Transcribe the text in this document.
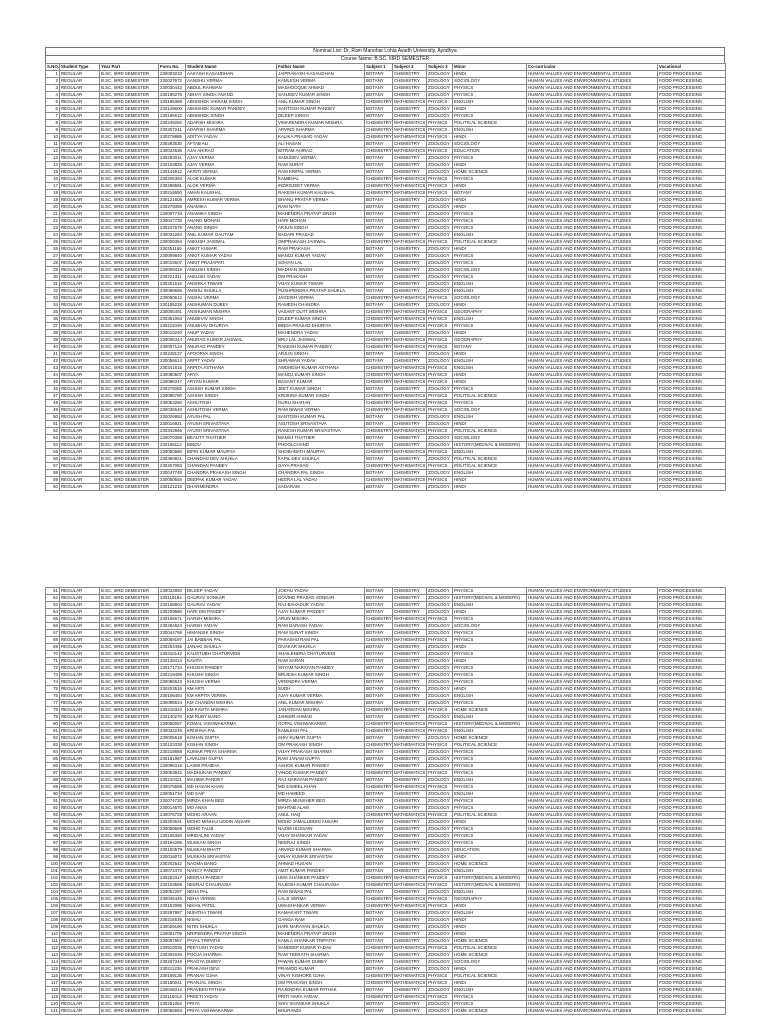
Nominal List: Dr. Ram Manohar Lohia Avadh University, Ayodhya
Course Name: B.SC. IIIRD SEMESTER
S.NO.	Student Type	Year Part	Form No.	Student Name	Father Name	Subject 1	Subject 2	Subject 3	Minor	Co-curricular	Vocational
1	REGULAR	B.SC. IIIRD SEMESTER	230003233	AAKASH KASAUDHAN	JAIPRAKASH KASAUDHAN	BOTANY	CHEMISTRY	ZOOLOGY	HINDI	HUMAN VALUES AND ENVIRONMENTAL STUDIES	FOOD PROCESSING
2	REGULAR	B.SC. IIIRD SEMESTER	230027672	AANSHU VERMA	KAMLESH VERMA	BOTANY	CHEMISTRY	ZOOLOGY	SOCIOLOGY	HUMAN VALUES AND ENVIRONMENTAL STUDIES	FOOD PROCESSING
3	REGULAR	B.SC. IIIRD SEMESTER	230030443	ABDUL RAHMAN	MASHOOQUE AHMAD	BOTANY	CHEMISTRY	ZOOLOGY	PHYSICS	HUMAN VALUES AND ENVIRONMENTAL STUDIES	FOOD PROCESSING
4	REGULAR	B.SC. IIIRD SEMESTER	230185276	ABHAY SINGH ANAND	SANJEEV KUMAR SINGH	BOTANY	CHEMISTRY	ZOOLOGY	PHYSICS	HUMAN VALUES AND ENVIRONMENTAL STUDIES	FOOD PROCESSING
5	REGULAR	B.SC. IIIRD SEMESTER	230186389	ABHISHEK VIKRAM SINGH	ANIL KUMAR SINGH	CHEMISTRY	MATHEMATICS	PHYSICS	ENGLISH	HUMAN VALUES AND ENVIRONMENTAL STUDIES	FOOD PROCESSING
6	REGULAR	B.SC. IIIRD SEMESTER	230149600	ABHISHEK KUMAR PANDEY	SANTOSH KUMAR PANDEY	BOTANY	CHEMISTRY	ZOOLOGY	HINDI	HUMAN VALUES AND ENVIRONMENTAL STUDIES	FOOD PROCESSING
7	REGULAR	B.SC. IIIRD SEMESTER	230196612	ABHISHEK SINGH	DILEEP SINGH	BOTANY	CHEMISTRY	ZOOLOGY	PHYSICS	HUMAN VALUES AND ENVIRONMENTAL STUDIES	FOOD PROCESSING
8	REGULAR	B.SC. IIIRD SEMESTER	230249282	ADARSH MISHRA	VIMARENDRA KUMAR MISHRA	CHEMISTRY	MATHEMATICS	PHYSICS	POLITICAL SCIENCE	HUMAN VALUES AND ENVIRONMENTAL STUDIES	FOOD PROCESSING
9	REGULAR	B.SC. IIIRD SEMESTER	230307241	ADARSH SHARMA	ARVIND SHARMA	CHEMISTRY	MATHEMATICS	PHYSICS	ENGLISH	HUMAN VALUES AND ENVIRONMENTAL STUDIES	FOOD PROCESSING
10	REGULAR	B.SC. IIIRD SEMESTER	230278886	ADITYA YADAV	KALIKA PRASAD YADAV	CHEMISTRY	MATHEMATICS	PHYSICS	HINDI	HUMAN VALUES AND ENVIRONMENTAL STUDIES	FOOD PROCESSING
11	REGULAR	B.SC. IIIRD SEMESTER	230283530	AFTAB ALI	ALI HASAN	BOTANY	CHEMISTRY	ZOOLOGY	SOCIOLOGY	HUMAN VALUES AND ENVIRONMENTAL STUDIES	FOOD PROCESSING
12	REGULAR	B.SC. IIIRD SEMESTER	230034536	AJAI AHIRAO	BITRAM AHIRAO	CHEMISTRY	MATHEMATICS	PHYSICS	EDUCATION	HUMAN VALUES AND ENVIRONMENTAL STUDIES	FOOD PROCESSING
13	REGULAR	B.SC. IIIRD SEMESTER	230283011	AJAY VERMA	SADUDEV VERMA	BOTANY	CHEMISTRY	ZOOLOGY	PHYSICS	HUMAN VALUES AND ENVIRONMENTAL STUDIES	FOOD PROCESSING
14	REGULAR	B.SC. IIIRD SEMESTER	230163825	AJAY VERMA	RAM SURAT	BOTANY	CHEMISTRY	ZOOLOGY	HINDI	HUMAN VALUES AND ENVIRONMENTAL STUDIES	FOOD PROCESSING
15	REGULAR	B.SC. IIIRD SEMESTER	230144912	AKRITI VERMA	RAM KRIPAL VERMA	BOTANY	CHEMISTRY	ZOOLOGY	HOME SCIENCE	HUMAN VALUES AND ENVIRONMENTAL STUDIES	FOOD PROCESSING
16	REGULAR	B.SC. IIIRD SEMESTER	230205393	ALOK KUMAR	KAMBHAL	CHEMISTRY	MATHEMATICS	PHYSICS	PHYSICS	HUMAN VALUES AND ENVIRONMENTAL STUDIES	FOOD PROCESSING
17	REGULAR	B.SC. IIIRD SEMESTER	230288591	ALOK VERMA	INDROJEET VERMA	CHEMISTRY	MATHEMATICS	PHYSICS	HINDI	HUMAN VALUES AND ENVIRONMENTAL STUDIES	FOOD PROCESSING
18	REGULAR	B.SC. IIIRD SEMESTER	230216550	AMAN KAUSHAL	RAKESH KUMAR KAUSHAL	CHEMISTRY	MATHEMATICS	PHYSICS	BOTANY	HUMAN VALUES AND ENVIRONMENTAL STUDIES	FOOD PROCESSING
19	REGULAR	B.SC. IIIRD SEMESTER	230121608	AMRESH KUMAR VERMA	BHANU PRATAP VERMA	BOTANY	CHEMISTRY	ZOOLOGY	HINDI	HUMAN VALUES AND ENVIRONMENTAL STUDIES	FOOD PROCESSING
20	REGULAR	B.SC. IIIRD SEMESTER	230279358	ANAMIKA	RAM NATH	BOTANY	CHEMISTRY	ZOOLOGY	HINDI	HUMAN VALUES AND ENVIRONMENTAL STUDIES	FOOD PROCESSING
21	REGULAR	B.SC. IIIRD SEMESTER	230007733	ANAMIKA SINGH	MAHENDRA PRATAP SINGH	BOTANY	CHEMISTRY	ZOOLOGY	PHYSICS	HUMAN VALUES AND ENVIRONMENTAL STUDIES	FOOD PROCESSING
22	REGULAR	B.SC. IIIRD SEMESTER	230047730	ANAND MOHAN	HARI MOHAN	BOTANY	CHEMISTRY	ZOOLOGY	PHYSICS	HUMAN VALUES AND ENVIRONMENTAL STUDIES	FOOD PROCESSING
23	REGULAR	B.SC. IIIRD SEMESTER	230247879	ANAND SINGH	ARJUN SINGH	BOTANY	CHEMISTRY	ZOOLOGY	PHYSICS	HUMAN VALUES AND ENVIRONMENTAL STUDIES	FOOD PROCESSING
24	REGULAR	B.SC. IIIRD SEMESTER	230034284	ANIL KUMAR GAUTAM	BADARI PRASAD	BOTANY	CHEMISTRY	ZOOLOGY	ENGLISH	HUMAN VALUES AND ENVIRONMENTAL STUDIES	FOOD PROCESSING
25	REGULAR	B.SC. IIIRD SEMESTER	230009384	ANKUSH JAISWAL	OMPRAKASH JAISWAL	CHEMISTRY	MATHEMATICS	PHYSICS	POLITICAL SCIENCE	HUMAN VALUES AND ENVIRONMENTAL STUDIES	FOOD PROCESSING
26	REGULAR	B.SC. IIIRD SEMESTER	230251165	ANKIT KUMAR	RAM PRAKASH	BOTANY	CHEMISTRY	ZOOLOGY	HINDI	HUMAN VALUES AND ENVIRONMENTAL STUDIES	FOOD PROCESSING
27	REGULAR	B.SC. IIIRD SEMESTER	230009840	ANKIT KUMAR YADAV	MANOJ KUMAR YADAV	BOTANY	CHEMISTRY	ZOOLOGY	PHYSICS	HUMAN VALUES AND ENVIRONMENTAL STUDIES	FOOD PROCESSING
28	REGULAR	B.SC. IIIRD SEMESTER	230015507	ANKIT PRAJAPATI	SOHAN LAL	BOTANY	CHEMISTRY	ZOOLOGY	PHYSICS	HUMAN VALUES AND ENVIRONMENTAL STUDIES	FOOD PROCESSING
29	REGULAR	B.SC. IIIRD SEMESTER	230008419	ANKUSH SINGH	MADHAN SINGH	BOTANY	CHEMISTRY	ZOOLOGY	SOCIOLOGY	HUMAN VALUES AND ENVIRONMENTAL STUDIES	FOOD PROCESSING
30	REGULAR	B.SC. IIIRD SEMESTER	230221311	ANKUSH YADAV	OM PRAKASH	BOTANY	CHEMISTRY	ZOOLOGY	PHYSICS	HUMAN VALUES AND ENVIRONMENTAL STUDIES	FOOD PROCESSING
31	REGULAR	B.SC. IIIRD SEMESTER	230251516	ANSHIKA TIWARI	VIJAY KUMAR TIWARI	BOTANY	CHEMISTRY	ZOOLOGY	ENGLISH	HUMAN VALUES AND ENVIRONMENTAL STUDIES	FOOD PROCESSING
32	REGULAR	B.SC. IIIRD SEMESTER	230099666	ANSHU SHUKLA	PUSHPENDRA PRATAP SHUKLA	BOTANY	CHEMISTRY	ZOOLOGY	ENGLISH	HUMAN VALUES AND ENVIRONMENTAL STUDIES	FOOD PROCESSING
33	REGULAR	B.SC. IIIRD SEMESTER	230050612	ANSHU VERMA	JAGDISH VERMA	CHEMISTRY	MATHEMATICS	PHYSICS	SOCIOLOGY	HUMAN VALUES AND ENVIRONMENTAL STUDIES	FOOD PROCESSING
34	REGULAR	B.SC. IIIRD SEMESTER	230185228	ANSHUMAN DUBEY	RAMESH CHANDRA	BOTANY	CHEMISTRY	ZOOLOGY	HINDI	HUMAN VALUES AND ENVIRONMENTAL STUDIES	FOOD PROCESSING
35	REGULAR	B.SC. IIIRD SEMESTER	230005491	ANSHUMAN MISHRA	VASANT DUTT MISHRA	CHEMISTRY	MATHEMATICS	PHYSICS	GEOGRAPHY	HUMAN VALUES AND ENVIRONMENTAL STUDIES	FOOD PROCESSING
36	REGULAR	B.SC. IIIRD SEMESTER	230351063	ANUBHAV SINGH	DILEEP KUMAR SINGH	CHEMISTRY	MATHEMATICS	PHYSICS	ENGLISH	HUMAN VALUES AND ENVIRONMENTAL STUDIES	FOOD PROCESSING
37	REGULAR	B.SC. IIIRD SEMESTER	230211049	ANUBHAV DHURIYA	BINDA PRASAD DHURIYA	CHEMISTRY	MATHEMATICS	PHYSICS	PHYSICS	HUMAN VALUES AND ENVIRONMENTAL STUDIES	FOOD PROCESSING
38	REGULAR	B.SC. IIIRD SEMESTER	230015240	ANUP YADAV	MAHENDRA YADAV	BOTANY	CHEMISTRY	ZOOLOGY	HINDI	HUMAN VALUES AND ENVIRONMENTAL STUDIES	FOOD PROCESSING
39	REGULAR	B.SC. IIIRD SEMESTER	230065344	ANURAG KUMAR JAISWAL	BRIJ LAL JAISWAL	CHEMISTRY	MATHEMATICS	PHYSICS	GEOGRAPHY	HUMAN VALUES AND ENVIRONMENTAL STUDIES	FOOD PROCESSING
40	REGULAR	B.SC. IIIRD SEMESTER	230007124	ANURAG PANDEY	RAKESH KUMAR PANDEY	CHEMISTRY	MATHEMATICS	PHYSICS	BOTANY	HUMAN VALUES AND ENVIRONMENTAL STUDIES	FOOD PROCESSING
41	REGULAR	B.SC. IIIRD SEMESTER	230248137	APOORVA SINGH	ARJUN SINGH	BOTANY	CHEMISTRY	ZOOLOGY	HINDI	HUMAN VALUES AND ENVIRONMENTAL STUDIES	FOOD PROCESSING
42	REGULAR	B.SC. IIIRD SEMESTER	230056614	ARPIT YADAV	SHRAWAN YADAV	BOTANY	CHEMISTRY	ZOOLOGY	ENGLISH	HUMAN VALUES AND ENVIRONMENTAL STUDIES	FOOD PROCESSING
43	REGULAR	B.SC. IIIRD SEMESTER	230341615	ARPITA ASTHANA	AWDHESH KUMAR ASTHANA	CHEMISTRY	MATHEMATICS	PHYSICS	ENGLISH	HUMAN VALUES AND ENVIRONMENTAL STUDIES	FOOD PROCESSING
44	REGULAR	B.SC. IIIRD SEMESTER	230080507	ARYA	MANOJ KUMAR SINGH	CHEMISTRY	MATHEMATICS	PHYSICS	HINDI	HUMAN VALUES AND ENVIRONMENTAL STUDIES	FOOD PROCESSING
45	REGULAR	B.SC. IIIRD SEMESTER	230086347	ARYAN KUMAR	BASANT KUMAR	CHEMISTRY	MATHEMATICS	PHYSICS	HINDI	HUMAN VALUES AND ENVIRONMENTAL STUDIES	FOOD PROCESSING
46	REGULAR	B.SC. IIIRD SEMESTER	230275082	ASHISH KUMAR SINGH	JEET KUMAR SINGH	BOTANY	CHEMISTRY	ZOOLOGY	PHYSICS	HUMAN VALUES AND ENVIRONMENTAL STUDIES	FOOD PROCESSING
47	REGULAR	B.SC. IIIRD SEMESTER	230095780	ASHISH SINGH	KRISHNA KUMAR SINGH	CHEMISTRY	MATHEMATICS	PHYSICS	POLITICAL SCIENCE	HUMAN VALUES AND ENVIRONMENTAL STUDIES	FOOD PROCESSING
48	REGULAR	B.SC. IIIRD SEMESTER	230053280	ASHUTOSH	GURU SHARAN	CHEMISTRY	MATHEMATICS	PHYSICS	PHYSICS	HUMAN VALUES AND ENVIRONMENTAL STUDIES	FOOD PROCESSING
49	REGULAR	B.SC. IIIRD SEMESTER	230036540	ASHUTOSH VERMA	RAM NIWAS VERMA	CHEMISTRY	MATHEMATICS	PHYSICS	SOCIOLOGY	HUMAN VALUES AND ENVIRONMENTAL STUDIES	FOOD PROCESSING
50	REGULAR	B.SC. IIIRD SEMESTER	230026893	AYUSH PAL	SANTOSH KUMAR PAL	BOTANY	CHEMISTRY	ZOOLOGY	ENGLISH	HUMAN VALUES AND ENVIRONMENTAL STUDIES	FOOD PROCESSING
51	REGULAR	B.SC. IIIRD SEMESTER	230016921	AYUSH SRIVASTAVA	ASUTOSH SRIVASTAVA	BOTANY	CHEMISTRY	ZOOLOGY	HINDI	HUMAN VALUES AND ENVIRONMENTAL STUDIES	FOOD PROCESSING
52	REGULAR	B.SC. IIIRD SEMESTER	230342846	AYUSH SRIVASTAVA	RAKESH KUMAR SRIVASTAVA	CHEMISTRY	MATHEMATICS	PHYSICS	POLITICAL SCIENCE	HUMAN VALUES AND ENVIRONMENTAL STUDIES	FOOD PROCESSING
53	REGULAR	B.SC. IIIRD SEMESTER	230070388	BEAUTY THATHER	MANOJ THATHER	BOTANY	CHEMISTRY	ZOOLOGY	SOCIOLOGY	HUMAN VALUES AND ENVIRONMENTAL STUDIES	FOOD PROCESSING
54	REGULAR	B.SC. IIIRD SEMESTER	230166113	BINDU	PHOOLCHAND	BOTANY	CHEMISTRY	ZOOLOGY	HISTORY(MEDIVAL & MODERN)	HUMAN VALUES AND ENVIRONMENTAL STUDIES	FOOD PROCESSING
55	REGULAR	B.SC. IIIRD SEMESTER	230050680	BIPIN KUMAR MAURYA	SHOBHNATH MAURYA	CHEMISTRY	MATHEMATICS	PHYSICS	ENGLISH	HUMAN VALUES AND ENVIRONMENTAL STUDIES	FOOD PROCESSING
56	REGULAR	B.SC. IIIRD SEMESTER	230350821	CHANDAN DEV SHUKLA	KAPIL DEV SHUKLA	BOTANY	CHEMISTRY	ZOOLOGY	POLITICAL SCIENCE	HUMAN VALUES AND ENVIRONMENTAL STUDIES	FOOD PROCESSING
57	REGULAR	B.SC. IIIRD SEMESTER	230267063	CHANDAN PANDEY	GAYA PRASAD	CHEMISTRY	MATHEMATICS	PHYSICS	POLITICAL SCIENCE	HUMAN VALUES AND ENVIRONMENTAL STUDIES	FOOD PROCESSING
58	REGULAR	B.SC. IIIRD SEMESTER	230047748	CHANDRA PRAKASH SINGH	CHANDRA PAL SINGH	BOTANY	CHEMISTRY	ZOOLOGY	ENGLISH	HUMAN VALUES AND ENVIRONMENTAL STUDIES	FOOD PROCESSING
59	REGULAR	B.SC. IIIRD SEMESTER	230050555	DEEPAK KUMAR YADAV	HEERA LAL YADAV	CHEMISTRY	MATHEMATICS	PHYSICS	HINDI	HUMAN VALUES AND ENVIRONMENTAL STUDIES	FOOD PROCESSING
60	REGULAR	B.SC. IIIRD SEMESTER	230121215	DHARMENDRA	SADARAM	BOTANY	CHEMISTRY	ZOOLOGY	HINDI	HUMAN VALUES AND ENVIRONMENTAL STUDIES	FOOD PROCESSING
61	REGULAR	B.SC. IIIRD SEMESTER	230032850	DILEEP YADAV	JOKHU YADAV	BOTANY	CHEMISTRY	ZOOLOGY	PHYSICS	HUMAN VALUES AND ENVIRONMENTAL STUDIES	FOOD PROCESSING
62	REGULAR	B.SC. IIIRD SEMESTER	230119184	GAURAV SONKAR	GOVIND PRASAD SONKAR	BOTANY	CHEMISTRY	ZOOLOGY	HISTORY(MEDIVAL & MODERN)	HUMAN VALUES AND ENVIRONMENTAL STUDIES	FOOD PROCESSING
63	REGULAR	B.SC. IIIRD SEMESTER	230158804	GAURAV YADAV	RAJ BAHADUR YADAV	BOTANY	CHEMISTRY	ZOOLOGY	ENGLISH	HUMAN VALUES AND ENVIRONMENTAL STUDIES	FOOD PROCESSING
64	REGULAR	B.SC. IIIRD SEMESTER	230209680	HARI OM PANDEY	AJAY KUMAR PANDEY	BOTANY	CHEMISTRY	ZOOLOGY	HINDI	HUMAN VALUES AND ENVIRONMENTAL STUDIES	FOOD PROCESSING
65	REGULAR	B.SC. IIIRD SEMESTER	230166671	HARSH MISHRA	ARUN MISHRA	CHEMISTRY	MATHEMATICS	PHYSICS	PHYSICS	HUMAN VALUES AND ENVIRONMENTAL STUDIES	FOOD PROCESSING
66	REGULAR	B.SC. IIIRD SEMESTER	230284624	HARSH YADAV	RAM DARASH YADAV	BOTANY	CHEMISTRY	ZOOLOGY	SOCIOLOGY	HUMAN VALUES AND ENVIRONMENTAL STUDIES	FOOD PROCESSING
67	REGULAR	B.SC. IIIRD SEMESTER	230044756	HIMANSHI SINGH	RAM SURAT SINGH	BOTANY	CHEMISTRY	ZOOLOGY	PHYSICS	HUMAN VALUES AND ENVIRONMENTAL STUDIES	FOOD PROCESSING
68	REGULAR	B.SC. IIIRD SEMESTER	230059197	JAI BABBAN PAL	PARASHU RAM PAL	CHEMISTRY	MATHEMATICS	PHYSICS	PHYSICS	HUMAN VALUES AND ENVIRONMENTAL STUDIES	FOOD PROCESSING
69	REGULAR	B.SC. IIIRD SEMESTER	230254455	JANAKI SHUKLA	DIVAKAR SHUKLA	BOTANY	CHEMISTRY	ZOOLOGY	HINDI	HUMAN VALUES AND ENVIRONMENTAL STUDIES	FOOD PROCESSING
70	REGULAR	B.SC. IIIRD SEMESTER	230316142	KAUSTUBH CHATURVEDI	SHAILENDRA CHATURVEDI	BOTANY	CHEMISTRY	ZOOLOGY	PHYSICS	HUMAN VALUES AND ENVIRONMENTAL STUDIES	FOOD PROCESSING
71	REGULAR	B.SC. IIIRD SEMESTER	230138414	KAVITA	RAM SARAN	BOTANY	CHEMISTRY	ZOOLOGY	HINDI	HUMAN VALUES AND ENVIRONMENTAL STUDIES	FOOD PROCESSING
72	REGULAR	B.SC. IIIRD SEMESTER	230171734	KHUSHI PANDEY	SHYAM NARAYAN PANDEY	BOTANY	CHEMISTRY	ZOOLOGY	PHYSICS	HUMAN VALUES AND ENVIRONMENTAL STUDIES	FOOD PROCESSING
73	REGULAR	B.SC. IIIRD SEMESTER	230219459	KHUSHI SINGH	BRIJESH KUMAR SINGH	BOTANY	CHEMISTRY	ZOOLOGY	PHYSICS	HUMAN VALUES AND ENVIRONMENTAL STUDIES	FOOD PROCESSING
74	REGULAR	B.SC. IIIRD SEMESTER	230086523	KHUSHI VERMA	VIRENDRA VERMA	BOTANY	CHEMISTRY	ZOOLOGY	PHYSICS	HUMAN VALUES AND ENVIRONMENTAL STUDIES	FOOD PROCESSING
75	REGULAR	B.SC. IIIRD SEMESTER	230203516	KM ARTI	SUDH	BOTANY	CHEMISTRY	ZOOLOGY	HINDI	HUMAN VALUES AND ENVIRONMENTAL STUDIES	FOOD PROCESSING
76	REGULAR	B.SC. IIIRD SEMESTER	230106484	KM ARPITA VERMA	AJAY KUMAR VERMA	BOTANY	CHEMISTRY	ZOOLOGY	ENGLISH	HUMAN VALUES AND ENVIRONMENTAL STUDIES	FOOD PROCESSING
77	REGULAR	B.SC. IIIRD SEMESTER	230096624	KM CHANDNI MISHRA	ANIL KUMAR MISHRA	BOTANY	CHEMISTRY	ZOOLOGY	PHYSICS	HUMAN VALUES AND ENVIRONMENTAL STUDIES	FOOD PROCESSING
78	REGULAR	B.SC. IIIRD SEMESTER	230216322	KM KAVITA MISHRA	JANARDAN MISHRA	CHEMISTRY	MATHEMATICS	PHYSICS	HOME SCIENCE	HUMAN VALUES AND ENVIRONMENTAL STUDIES	FOOD PROCESSING
79	REGULAR	B.SC. IIIRD SEMESTER	230140270	KM RUBY BANO	JAHEER AHMAD	BOTANY	CHEMISTRY	ZOOLOGY	ENGLISH	HUMAN VALUES AND ENVIRONMENTAL STUDIES	FOOD PROCESSING
80	REGULAR	B.SC. IIIRD SEMESTER	230050057	KOMAL VISHWAKARMA	GOPAL VISHWAKARMA	CHEMISTRY	MATHEMATICS	PHYSICS	HISTORY(MEDIVAL & MODERN)	HUMAN VALUES AND ENVIRONMENTAL STUDIES	FOOD PROCESSING
81	REGULAR	B.SC. IIIRD SEMESTER	230032249	KRISHNA PAL	KAMLESH PAL	CHEMISTRY	MATHEMATICS	PHYSICS	ENGLISH	HUMAN VALUES AND ENVIRONMENTAL STUDIES	FOOD PROCESSING
82	REGULAR	B.SC. IIIRD SEMESTER	230005618	KISHAN GUPTA	SHIV KUMAR GUPTA	BOTANY	CHEMISTRY	ZOOLOGY	HOME SCIENCE	HUMAN VALUES AND ENVIRONMENTAL STUDIES	FOOD PROCESSING
83	REGULAR	B.SC. IIIRD SEMESTER	230103338	KISHAN SINGH	OM PRAKASH SINGH	CHEMISTRY	MATHEMATICS	PHYSICS	POLITICAL SCIENCE	HUMAN VALUES AND ENVIRONMENTAL STUDIES	FOOD PROCESSING
84	REGULAR	B.SC. IIIRD SEMESTER	230216688	KUMAR PRIYA SHARMA	VIJAY PRAKASH SHARMA	BOTANY	CHEMISTRY	ZOOLOGY	PHYSICS	HUMAN VALUES AND ENVIRONMENTAL STUDIES	FOOD PROCESSING
85	REGULAR	B.SC. IIIRD SEMESTER	230181987	LAVKUSH GUPTA	RAM JANAM GUPTA	BOTANY	CHEMISTRY	ZOOLOGY	PHYSICS	HUMAN VALUES AND ENVIRONMENTAL STUDIES	FOOD PROCESSING
86	REGULAR	B.SC. IIIRD SEMESTER	230095315	LAXMI PRABHA	ASHOK KUMAR PANDEY	BOTANY	CHEMISTRY	ZOOLOGY	PHYSICS	HUMAN VALUES AND ENVIRONMENTAL STUDIES	FOOD PROCESSING
87	REGULAR	B.SC. IIIRD SEMESTER	230053922	MADHUKAR PANDEY	VINOD KUMAR PANDEY	CHEMISTRY	MATHEMATICS	PHYSICS	PHYSICS	HUMAN VALUES AND ENVIRONMENTAL STUDIES	FOOD PROCESSING
88	REGULAR	B.SC. IIIRD SEMESTER	230210421	MAHIMA PANDEY	RAJ NARAYAN PANDEY	BOTANY	CHEMISTRY	ZOOLOGY	ENGLISH	HUMAN VALUES AND ENVIRONMENTAL STUDIES	FOOD PROCESSING
89	REGULAR	B.SC. IIIRD SEMESTER	230075558	MD HASAN KHAN	MD JAMEEL KHAN	CHEMISTRY	MATHEMATICS	PHYSICS	PHYSICS	HUMAN VALUES AND ENVIRONMENTAL STUDIES	FOOD PROCESSING
90	REGULAR	B.SC. IIIRD SEMESTER	230051734	MD SAIF	MD HAMEED	BOTANY	CHEMISTRY	ZOOLOGY	ENGLISH	HUMAN VALUES AND ENVIRONMENTAL STUDIES	FOOD PROCESSING
91	REGULAR	B.SC. IIIRD SEMESTER	230074720	MIRZA KHAN BEG	MIRZA MUNSHER BEG	BOTANY	CHEMISTRY	ZOOLOGY	PHYSICS	HUMAN VALUES AND ENVIRONMENTAL STUDIES	FOOD PROCESSING
92	REGULAR	B.SC. IIIRD SEMESTER	230014670	MO ANAS	MAHTAB ALAM	BOTANY	CHEMISTRY	ZOOLOGY	PHYSICS	HUMAN VALUES AND ENVIRONMENTAL STUDIES	FOOD PROCESSING
93	REGULAR	B.SC. IIIRD SEMESTER	230076728	MOHD ARAAN	ANUL HAQ	CHEMISTRY	MATHEMATICS	PHYSICS	POLITICAL SCIENCE	HUMAN VALUES AND ENVIRONMENTAL STUDIES	FOOD PROCESSING
94	REGULAR	B.SC. IIIRD SEMESTER	230203631	MOHD MINHAJ UDDIN ANSARI	MOHD JAMALUDDIN ANSARI	BOTANY	CHEMISTRY	ZOOLOGY	HINDI	HUMAN VALUES AND ENVIRONMENTAL STUDIES	FOOD PROCESSING
95	REGULAR	B.SC. IIIRD SEMESTER	230059669	MOHD TALIB	NAZIM HUSSAIN	BOTANY	CHEMISTRY	ZOOLOGY	PHYSICS	HUMAN VALUES AND ENVIRONMENTAL STUDIES	FOOD PROCESSING
96	REGULAR	B.SC. IIIRD SEMESTER	230165450	MRIDALINI YADAV	VIJAY SHANKAR YADAV	BOTANY	CHEMISTRY	ZOOLOGY	PHYSICS	HUMAN VALUES AND ENVIRONMENTAL STUDIES	FOOD PROCESSING
97	REGULAR	B.SC. IIIRD SEMESTER	230164286	MUSKAN SINGH	NEERAJ SINGH	BOTANY	CHEMISTRY	ZOOLOGY	PHYSICS	HUMAN VALUES AND ENVIRONMENTAL STUDIES	FOOD PROCESSING
98	REGULAR	B.SC. IIIRD SEMESTER	230150579	MUSKAN BHATT	ARVIND KUMAR SHARMA	BOTANY	CHEMISTRY	ZOOLOGY	EDUCATION	HUMAN VALUES AND ENVIRONMENTAL STUDIES	FOOD PROCESSING
99	REGULAR	B.SC. IIIRD SEMESTER	230016072	MUSKAN SRIVASTAV	VINAY KUMAR SRIVASTAV	BOTANY	CHEMISTRY	ZOOLOGY	HINDI	HUMAN VALUES AND ENVIRONMENTAL STUDIES	FOOD PROCESSING
100	REGULAR	B.SC. IIIRD SEMESTER	230202542	NAGMA BANO	AHMAD HUSAIN	BOTANY	CHEMISTRY	ZOOLOGY	HOME SCIENCE	HUMAN VALUES AND ENVIRONMENTAL STUDIES	FOOD PROCESSING
101	REGULAR	B.SC. IIIRD SEMESTER	230072470	NANCY PANDEY	AMIT KUMAR PANDEY	BOTANY	CHEMISTRY	ZOOLOGY	ENGLISH	HUMAN VALUES AND ENVIRONMENTAL STUDIES	FOOD PROCESSING
102	REGULAR	B.SC. IIIRD SEMESTER	230263317	NEERAJ PANDEY	UMA SHANKER PANDEY	CHEMISTRY	MATHEMATICS	PHYSICS	HISTORY(MEDIVAL & MODERN)	HUMAN VALUES AND ENVIRONMENTAL STUDIES	FOOD PROCESSING
103	REGULAR	B.SC. IIIRD SEMESTER	230163558	NEERAJ CHAURASIA	RAJESH KUMAR CHAURASIA	CHEMISTRY	MATHEMATICS	PHYSICS	HISTORY(MEDIVAL & MODERN)	HUMAN VALUES AND ENVIRONMENTAL STUDIES	FOOD PROCESSING
104	REGULAR	B.SC. IIIRD SEMESTER	230052297	NEHA PAL	RAM NIWAS PAL	BOTANY	CHEMISTRY	ZOOLOGY	ENGLISH	HUMAN VALUES AND ENVIRONMENTAL STUDIES	FOOD PROCESSING
105	REGULAR	B.SC. IIIRD SEMESTER	230046446	NEHA VERMA	LALJI VERMA	CHEMISTRY	MATHEMATICS	PHYSICS	GEOGRAPHY	HUMAN VALUES AND ENVIRONMENTAL STUDIES	FOOD PROCESSING
106	REGULAR	B.SC. IIIRD SEMESTER	230152085	NIKHIL PATEL	UMASHANKAR VERMA	CHEMISTRY	MATHEMATICS	PHYSICS	HINDI	HUMAN VALUES AND ENVIRONMENTAL STUDIES	FOOD PROCESSING
107	REGULAR	B.SC. IIIRD SEMESTER	230287987	NISHTHA TIWARI	KAMAKANT TIWARI	BOTANY	CHEMISTRY	ZOOLOGY	ENGLISH	HUMAN VALUES AND ENVIRONMENTAL STUDIES	FOOD PROCESSING
108	REGULAR	B.SC. IIIRD SEMESTER	230216539	NISHU	GANGA RAM	BOTANY	CHEMISTRY	ZOOLOGY	HINDI	HUMAN VALUES AND ENVIRONMENTAL STUDIES	FOOD PROCESSING
109	REGULAR	B.SC. IIIRD SEMESTER	230029190	NITIN SHUKLA	HARI NARAYAN SHUKLA	BOTANY	CHEMISTRY	ZOOLOGY	HINDI	HUMAN VALUES AND ENVIRONMENTAL STUDIES	FOOD PROCESSING
110	REGULAR	B.SC. IIIRD SEMESTER	230001709	NRIPENDRA PRATAP SINGH	MAHENDRA PRATAP SINGH	BOTANY	CHEMISTRY	ZOOLOGY	HINDI	HUMAN VALUES AND ENVIRONMENTAL STUDIES	FOOD PROCESSING
111	REGULAR	B.SC. IIIRD SEMESTER	230097557	PAYAL TRIPATHI	KAMLA SHANKAR TRIPATHI	BOTANY	CHEMISTRY	ZOOLOGY	HOME SCIENCE	HUMAN VALUES AND ENVIRONMENTAL STUDIES	FOOD PROCESSING
112	REGULAR	B.SC. IIIRD SEMESTER	230510035	PEEYUSH YADAV	SANDEEP KUMAR YADAV	CHEMISTRY	MATHEMATICS	PHYSICS	POLITICAL SCIENCE	HUMAN VALUES AND ENVIRONMENTAL STUDIES	FOOD PROCESSING
113	REGULAR	B.SC. IIIRD SEMESTER	230302026	POOJA SHARMA	RAM TEERATH SHARMA	BOTANY	CHEMISTRY	ZOOLOGY	HOME SCIENCE	HUMAN VALUES AND ENVIRONMENTAL STUDIES	FOOD PROCESSING
114	REGULAR	B.SC. IIIRD SEMESTER	230267349	PRAGYA DUBEY	PAWAN KUMAR DUBEY	BOTANY	CHEMISTRY	ZOOLOGY	SOCIOLOGY	HUMAN VALUES AND ENVIRONMENTAL STUDIES	FOOD PROCESSING
115	REGULAR	B.SC. IIIRD SEMESTER	230211236	PRAKASH DEVI	PRAMOD KUMAR	BOTANY	CHEMISTRY	ZOOLOGY	HINDI	HUMAN VALUES AND ENVIRONMENTAL STUDIES	FOOD PROCESSING
116	REGULAR	B.SC. IIIRD SEMESTER	230109135	PRANAV OJHA	VINAY KISHORE OJHA	CHEMISTRY	MATHEMATICS	PHYSICS	POLITICAL SCIENCE	HUMAN VALUES AND ENVIRONMENTAL STUDIES	FOOD PROCESSING
117	REGULAR	B.SC. IIIRD SEMESTER	230180041	PRANJAL SINGH	OM PRAKASH SINGH	CHEMISTRY	MATHEMATICS	PHYSICS	HINDI	HUMAN VALUES AND ENVIRONMENTAL STUDIES	FOOD PROCESSING
118	REGULAR	B.SC. IIIRD SEMESTER	230048312	PRAVEEN PATHAK	RAJENDRA KUMAR PATHAK	BOTANY	CHEMISTRY	ZOOLOGY	ENGLISH	HUMAN VALUES AND ENVIRONMENTAL STUDIES	FOOD PROCESSING
119	REGULAR	B.SC. IIIRD SEMESTER	230115013	PREETI YADAV	PRITI HARA YADAV	CHEMISTRY	MATHEMATICS	PHYSICS	PHYSICS	HUMAN VALUES AND ENVIRONMENTAL STUDIES	FOOD PROCESSING
120	REGULAR	B.SC. IIIRD SEMESTER	230251052	PRIYA	SHIV SHANKAR SHUKLA	BOTANY	CHEMISTRY	ZOOLOGY	PHYSICS	HUMAN VALUES AND ENVIRONMENTAL STUDIES	FOOD PROCESSING
121	REGULAR	B.SC. IIIRD SEMESTER	230055553	PRIYA VISHWAKARMA	BHURANDI	BOTANY	CHEMISTRY	ZOOLOGY	HOME SCIENCE	HUMAN VALUES AND ENVIRONMENTAL STUDIES	FOOD PROCESSING
